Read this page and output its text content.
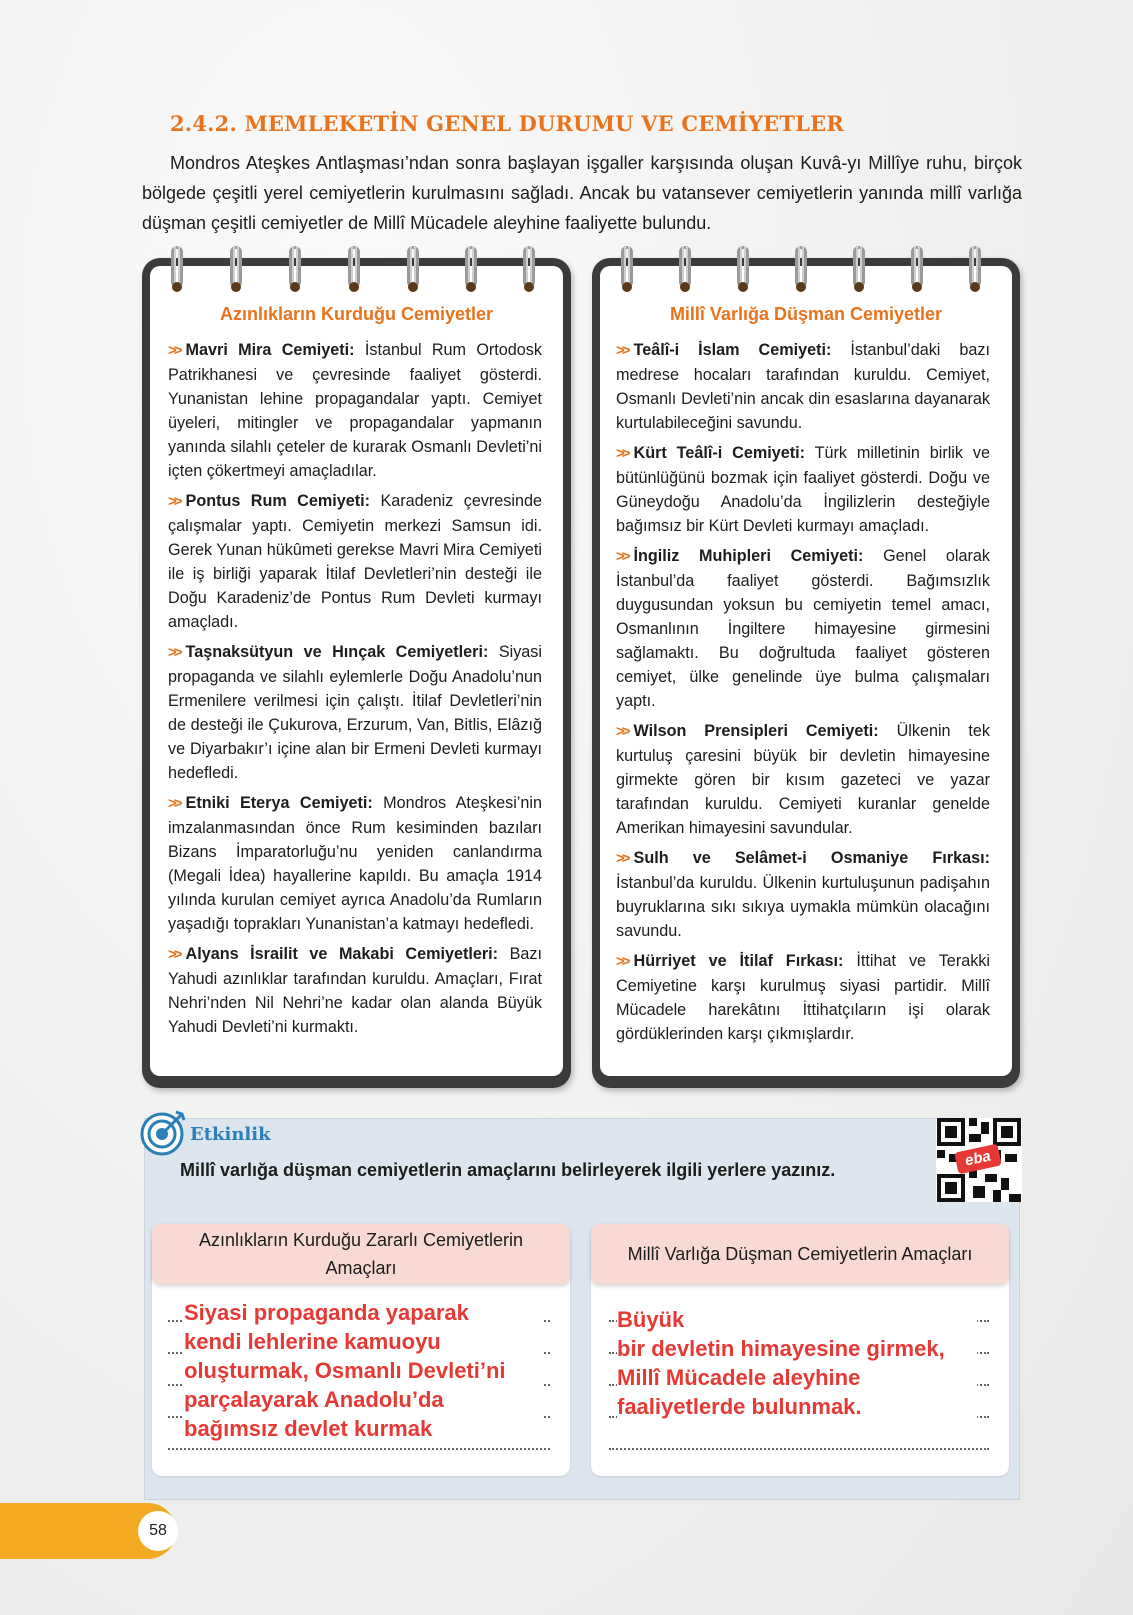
2.4.2. MEMLEKETİN GENEL DURUMU VE CEMİYETLER
Mondros Ateşkes Antlaşması’ndan sonra başlayan işgaller karşısında oluşan Kuvâ-yı Millîye ruhu, birçok bölgede çeşitli yerel cemiyetlerin kurulmasını sağladı. Ancak bu vatansever cemiyetlerin yanında millî varlığa düşman çeşitli cemiyetler de Millî Mücadele aleyhine faaliyette bulundu.
Azınlıkların Kurduğu Cemiyetler
>> Mavri Mira Cemiyeti: İstanbul Rum Ortodosk Patrikhanesi ve çevresinde faaliyet gösterdi. Yunanistan lehine propagandalar yaptı. Cemiyet üyeleri, mitingler ve propagandalar yapmanın yanında silahlı çeteler de kurarak Osmanlı Devleti’ni içten çökertmeyi amaçladılar.
>> Pontus Rum Cemiyeti: Karadeniz çevresinde çalışmalar yaptı. Cemiyetin merkezi Samsun idi. Gerek Yunan hükûmeti gerekse Mavri Mira Cemiyeti ile iş birliği yaparak İtilaf Devletleri’nin desteği ile Doğu Karadeniz’de Pontus Rum Devleti kurmayı amaçladı.
>> Taşnaksütyun ve Hınçak Cemiyetleri: Siyasi propaganda ve silahlı eylemlerle Doğu Anadolu’nun Ermenilere verilmesi için çalıştı. İtilaf Devletleri’nin de desteği ile Çukurova, Erzurum, Van, Bitlis, Elâzığ ve Diyarbakır’ı içine alan bir Ermeni Devleti kurmayı hedefledi.
>> Etniki Eterya Cemiyeti: Mondros Ateşkesi’nin imzalanmasından önce Rum kesiminden bazıları Bizans İmparatorluğu’nu yeniden canlandırma (Megali İdea) hayallerine kapıldı. Bu amaçla 1914 yılında kurulan cemiyet ayrıca Anadolu’da Rumların yaşadığı toprakları Yunanistan’a katmayı hedefledi.
>> Alyans İsrailit ve Makabi Cemiyetleri: Bazı Yahudi azınlıklar tarafından kuruldu. Amaçları, Fırat Nehri’nden Nil Nehri’ne kadar olan alanda Büyük Yahudi Devleti’ni kurmaktı.
Millî Varlığa Düşman Cemiyetler
>> Teâlî-i İslam Cemiyeti: İstanbul’daki bazı medrese hocaları tarafından kuruldu. Cemiyet, Osmanlı Devleti’nin ancak din esaslarına dayanarak kurtulabileceğini savundu.
>> Kürt Teâlî-i Cemiyeti: Türk milletinin birlik ve bütünlüğünü bozmak için faaliyet gösterdi. Doğu ve Güneydoğu Anadolu’da İngilizlerin desteğiyle bağımsız bir Kürt Devleti kurmayı amaçladı.
>> İngiliz Muhipleri Cemiyeti: Genel olarak İstanbul’da faaliyet gösterdi. Bağımsızlık duygusundan yoksun bu cemiyetin temel amacı, Osmanlının İngiltere himayesine girmesini sağlamaktı. Bu doğrultuda faaliyet gösteren cemiyet, ülke genelinde üye bulma çalışmaları yaptı.
>> Wilson Prensipleri Cemiyeti: Ülkenin tek kurtuluş çaresini büyük bir devletin himayesine girmekte gören bir kısım gazeteci ve yazar tarafından kuruldu. Cemiyeti kuranlar genelde Amerikan himayesini savundular.
>> Sulh ve Selâmet-i Osmaniye Fırkası: İstanbul’da kuruldu. Ülkenin kurtuluşunun padişahın buyruklarına sıkı sıkıya uymakla mümkün olacağını savundu.
>> Hürriyet ve İtilaf Fırkası: İttihat ve Terakki Cemiyetine karşı kurulmuş siyasi partidir. Millî Mücadele harekâtını İttihatçıların işi olarak gördüklerinden karşı çıkmışlardır.
Etkinlik
Millî varlığa düşman cemiyetlerin amaçlarını belirleyerek ilgili yerlere yazınız.
eba
Azınlıkların Kurduğu Zararlı Cemiyetlerin Amaçları
Siyasi propaganda yaparak
kendi lehlerine kamuoyu
oluşturmak, Osmanlı Devleti’ni
parçalayarak Anadolu’da
bağımsız devlet kurmak
Millî Varlığa Düşman Cemiyetlerin Amaçları
Büyük
bir devletin himayesine girmek,
Millî Mücadele aleyhine
faaliyetlerde bulunmak.
58
